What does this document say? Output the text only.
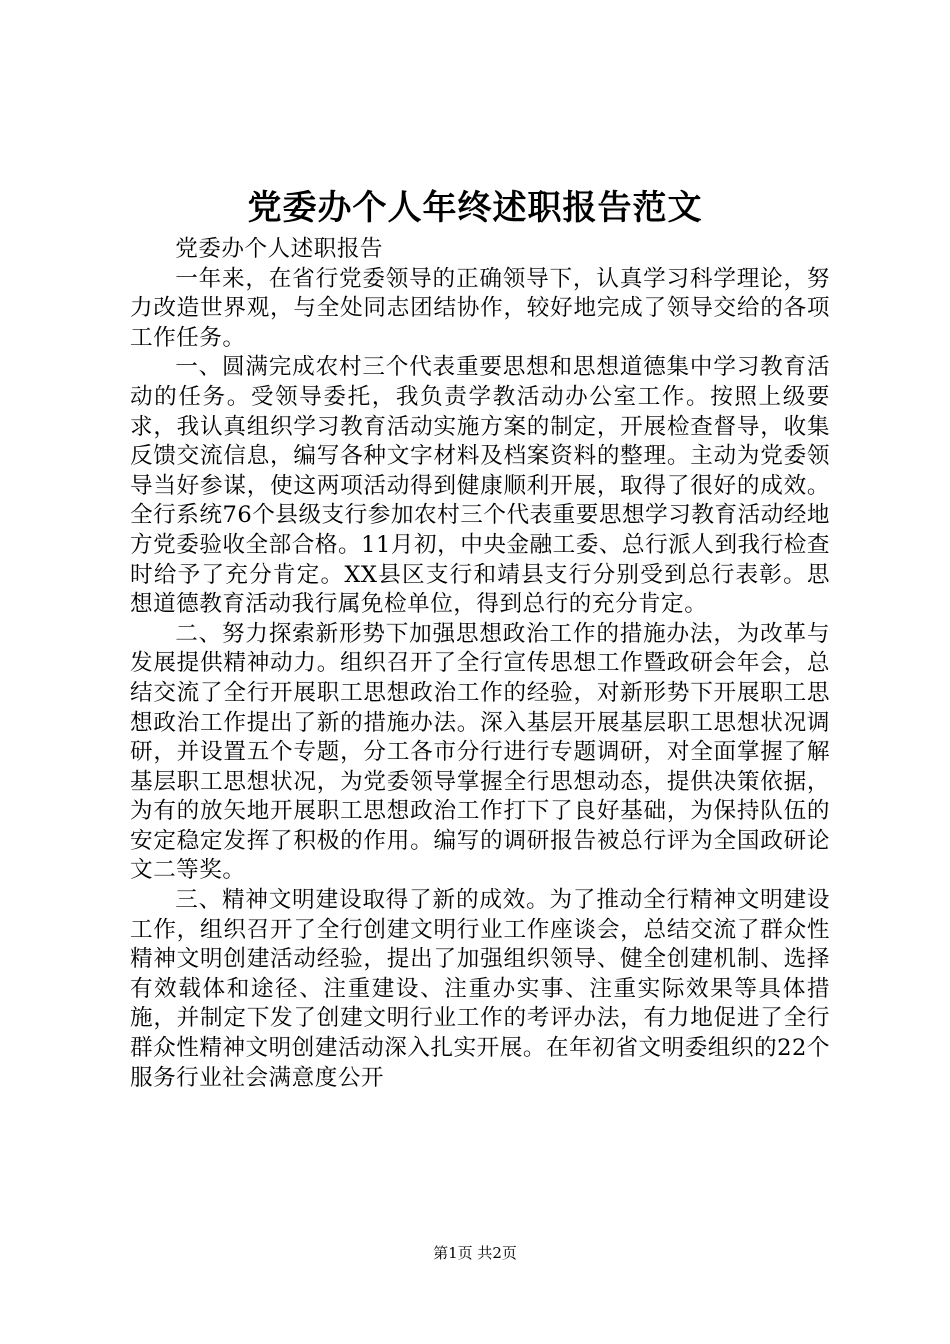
党委办个人年终述职报告范文

党委办个人述职报告

一年来，在省行党委领导的正确领导下，认真学习科学理论，努力改造世界观，与全处同志团结协作，较好地完成了领导交给的各项工作任务。

一、圆满完成农村三个代表重要思想和思想道德集中学习教育活动的任务。受领导委托，我负责学教活动办公室工作。按照上级要求，我认真组织学习教育活动实施方案的制定，开展检查督导，收集反馈交流信息，编写各种文字材料及档案资料的整理。主动为党委领导当好参谋，使这两项活动得到健康顺利开展，取得了很好的成效。全行系统76个县级支行参加农村三个代表重要思想学习教育活动经地方党委验收全部合格。11月初，中央金融工委、总行派人到我行检查时给予了充分肯定。XX县区支行和靖县支行分别受到总行表彰。思想道德教育活动我行属免检单位，得到总行的充分肯定。

二、努力探索新形势下加强思想政治工作的措施办法，为改革与发展提供精神动力。组织召开了全行宣传思想工作暨政研会年会，总结交流了全行开展职工思想政治工作的经验，对新形势下开展职工思想政治工作提出了新的措施办法。深入基层开展基层职工思想状况调研，并设置五个专题，分工各市分行进行专题调研，对全面掌握了解基层职工思想状况，为党委领导掌握全行思想动态，提供决策依据，为有的放矢地开展职工思想政治工作打下了良好基础，为保持队伍的安定稳定发挥了积极的作用。编写的调研报告被总行评为全国政研论文二等奖。

三、精神文明建设取得了新的成效。为了推动全行精神文明建设工作，组织召开了全行创建文明行业工作座谈会，总结交流了群众性精神文明创建活动经验，提出了加强组织领导、健全创建机制、选择有效载体和途径、注重建设、注重办实事、注重实际效果等具体措施，并制定下发了创建文明行业工作的考评办法，有力地促进了全行群众性精神文明创建活动深入扎实开展。在年初省文明委组织的22个服务行业社会满意度公开

第1页 共2页
